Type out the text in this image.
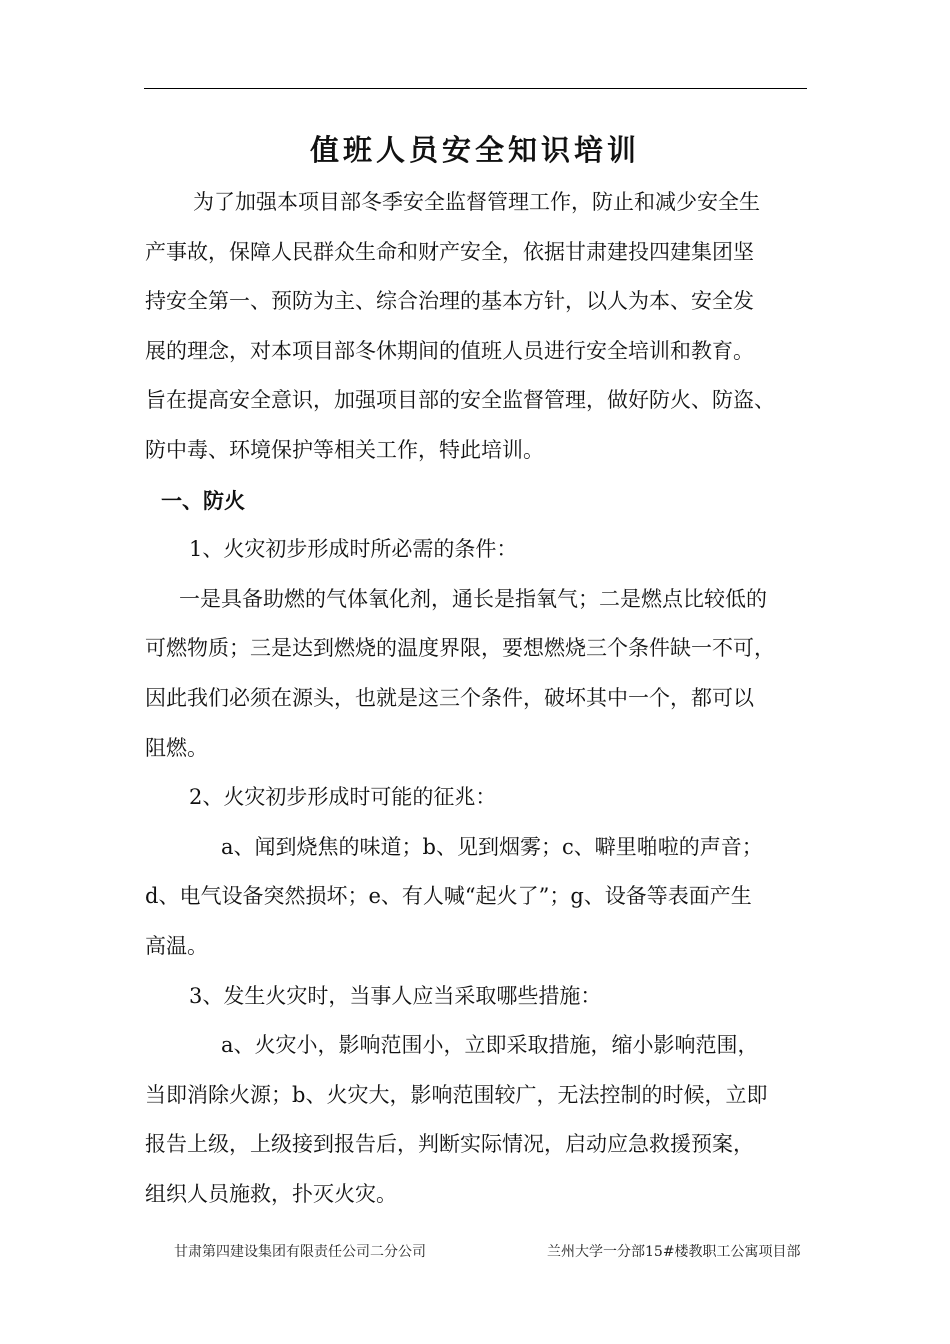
值班人员安全知识培训
为了加强本项目部冬季安全监督管理工作，防止和减少安全生
产事故，保障人民群众生命和财产安全，依据甘肃建投四建集团坚
持安全第一、预防为主、综合治理的基本方针，以人为本、安全发
展的理念，对本项目部冬休期间的值班人员进行安全培训和教育。
旨在提高安全意识，加强项目部的安全监督管理，做好防火、防盗、
防中毒、环境保护等相关工作，特此培训。
一、防火
1、火灾初步形成时所必需的条件：
一是具备助燃的气体氧化剂，通长是指氧气；二是燃点比较低的
可燃物质；三是达到燃烧的温度界限，要想燃烧三个条件缺一不可，
因此我们必须在源头，也就是这三个条件，破坏其中一个，都可以
阻燃。
2、火灾初步形成时可能的征兆：
a、闻到烧焦的味道；b、见到烟雾；c、噼里啪啦的声音；
d、电气设备突然损坏；e、有人喊“起火了”；g、设备等表面产生
高温。
3、发生火灾时，当事人应当采取哪些措施：
a、火灾小，影响范围小，立即采取措施，缩小影响范围，
当即消除火源；b、火灾大，影响范围较广，无法控制的时候，立即
报告上级，上级接到报告后，判断实际情况，启动应急救援预案，
组织人员施救，扑灭火灾。
甘肃第四建设集团有限责任公司二分公司	兰州大学一分部15#楼教职工公寓项目部
